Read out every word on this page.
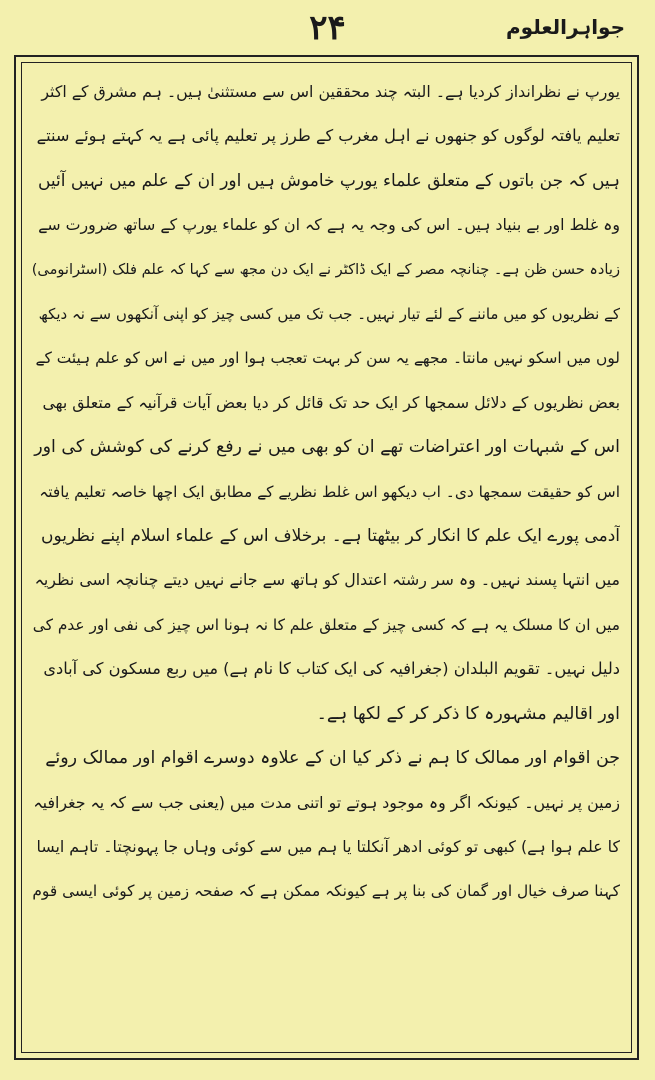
۲۴	جواہرالعلوم

یورپ نے نظرانداز کردیا ہے۔ البتہ چند محققین اس سے مستثنیٰ ہیں۔ ہم مشرق کے اکثر
تعلیم یافتہ لوگوں کو جنھوں نے اہل مغرب کے طرز پر تعلیم پائی ہے یہ کہتے ہوئے سنتے
ہیں کہ جن باتوں کے متعلق علماء یورپ خاموش ہیں اور ان کے علم میں نہیں آئیں
وہ غلط اور بے بنیاد ہیں۔ اس کی وجہ یہ ہے کہ ان کو علماء یورپ کے ساتھ ضرورت سے
زیادہ حسن ظن ہے۔ چنانچہ مصر کے ایک ڈاکٹر نے ایک دن مجھ سے کہا کہ علم فلک (اسٹرانومی)
کے نظریوں کو میں ماننے کے لئے تیار نہیں۔ جب تک میں کسی چیز کو اپنی آنکھوں سے نہ دیکھ
لوں میں اسکو نہیں مانتا۔ مجھے یہ سن کر بہت تعجب ہوا اور میں نے اس کو علم ہیئت کے
بعض نظریوں کے دلائل سمجھا کر ایک حد تک قائل کر دیا بعض آیات قرآنیہ کے متعلق بھی
اس کے شبہات اور اعتراضات تھے ان کو بھی میں نے رفع کرنے کی کوشش کی اور
اس کو حقیقت سمجھا دی۔ اب دیکھو اس غلط نظریے کے مطابق ایک اچھا خاصہ تعلیم یافتہ
آدمی پورے ایک علم کا انکار کر بیٹھتا ہے۔ برخلاف اس کے علماء اسلام اپنے نظریوں
میں انتہا پسند نہیں۔ وہ سر رشتہ اعتدال کو ہاتھ سے جانے نہیں دیتے چنانچہ اسی نظریہ
میں ان کا مسلک یہ ہے کہ کسی چیز کے متعلق علم کا نہ ہونا اس چیز کی نفی اور عدم کی
دلیل نہیں۔ تقویم البلدان (جغرافیہ کی ایک کتاب کا نام ہے) میں ربع مسکون کی آبادی
اور اقالیم مشہورہ کا ذکر کر کے لکھا ہے۔

جن اقوام اور ممالک کا ہم نے ذکر کیا ان کے علاوہ دوسرے اقوام اور ممالک روئے
زمین پر نہیں۔ کیونکہ اگر وہ موجود ہوتے تو اتنی مدت میں (یعنی جب سے کہ یہ جغرافیہ
کا علم ہوا ہے) کبھی تو کوئی ادھر آنکلتا یا ہم میں سے کوئی وہاں جا پہونچتا۔ تاہم ایسا
کہنا صرف خیال اور گمان کی بنا پر ہے کیونکہ ممکن ہے کہ صفحہ زمین پر کوئی ایسی قوم
